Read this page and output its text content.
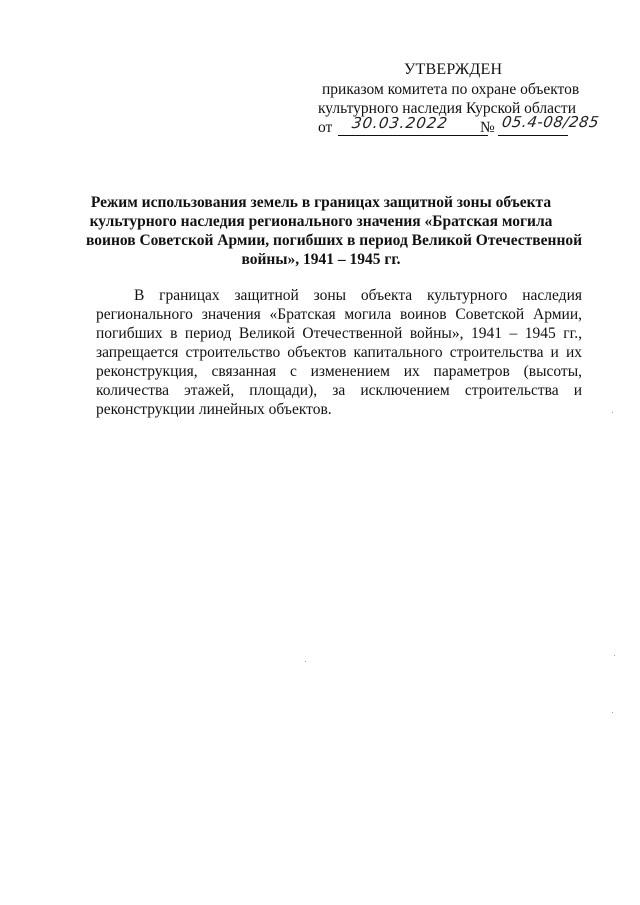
УТВЕРЖДЕН
приказом комитета по охране объектов
культурного наследия Курской области
от 30.03.2022 № 05.4-08/285
Режим использования земель в границах защитной зоны объекта
культурного наследия регионального значения «Братская могила
воинов Советской Армии, погибших в период Великой Отечественной
войны», 1941 – 1945 гг.
В границах защитной зоны объекта культурного наследия
регионального значения «Братская могила воинов Советской Армии,
погибших в период Великой Отечественной войны», 1941 – 1945 гг.,
запрещается строительство объектов капитального строительства и их
реконструкция, связанная с изменением их параметров (высоты,
количества этажей, площади), за исключением строительства и
реконструкции линейных объектов.
